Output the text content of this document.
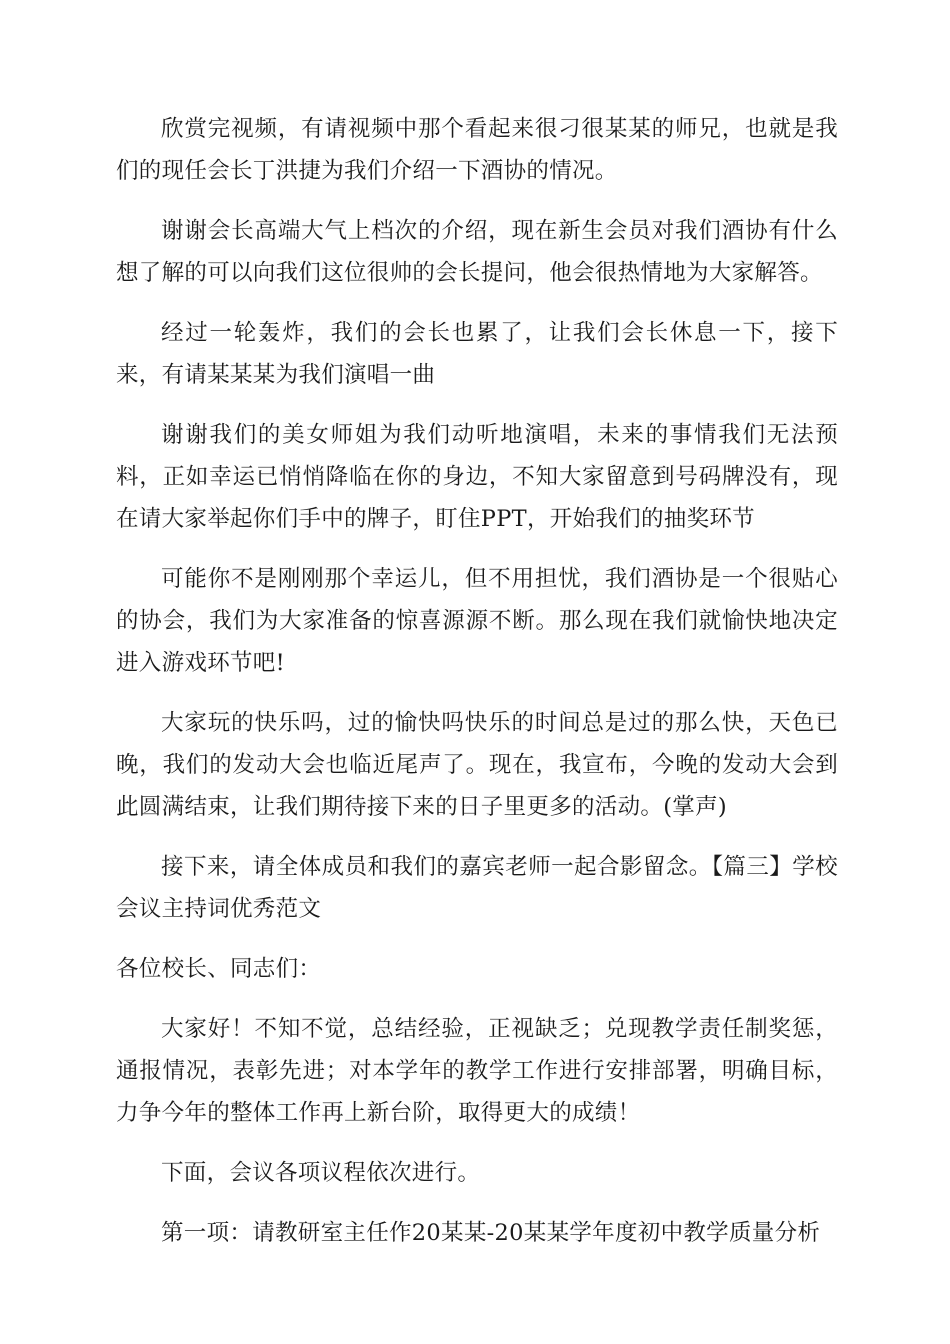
欣赏完视频，有请视频中那个看起来很刁很某某的师兄，也就是我们的现任会长丁洪捷为我们介绍一下酒协的情况。

谢谢会长高端大气上档次的介绍，现在新生会员对我们酒协有什么想了解的可以向我们这位很帅的会长提问，他会很热情地为大家解答。

经过一轮轰炸，我们的会长也累了，让我们会长休息一下，接下来，有请某某某为我们演唱一曲

谢谢我们的美女师姐为我们动听地演唱，未来的事情我们无法预料，正如幸运已悄悄降临在你的身边，不知大家留意到号码牌没有，现在请大家举起你们手中的牌子，盯住PPT，开始我们的抽奖环节

可能你不是刚刚那个幸运儿，但不用担忧，我们酒协是一个很贴心的协会，我们为大家准备的惊喜源源不断。那么现在我们就愉快地决定进入游戏环节吧!

大家玩的快乐吗，过的愉快吗快乐的时间总是过的那么快，天色已晚，我们的发动大会也临近尾声了。现在，我宣布，今晚的发动大会到此圆满结束，让我们期待接下来的日子里更多的活动。(掌声)

接下来，请全体成员和我们的嘉宾老师一起合影留念。【篇三】学校会议主持词优秀范文

各位校长、同志们：

大家好！不知不觉，总结经验，正视缺乏；兑现教学责任制奖惩，通报情况，表彰先进；对本学年的教学工作进行安排部署，明确目标，力争今年的整体工作再上新台阶，取得更大的成绩！

下面，会议各项议程依次进行。

第一项：请教研室主任作20某某-20某某学年度初中教学质量分析
